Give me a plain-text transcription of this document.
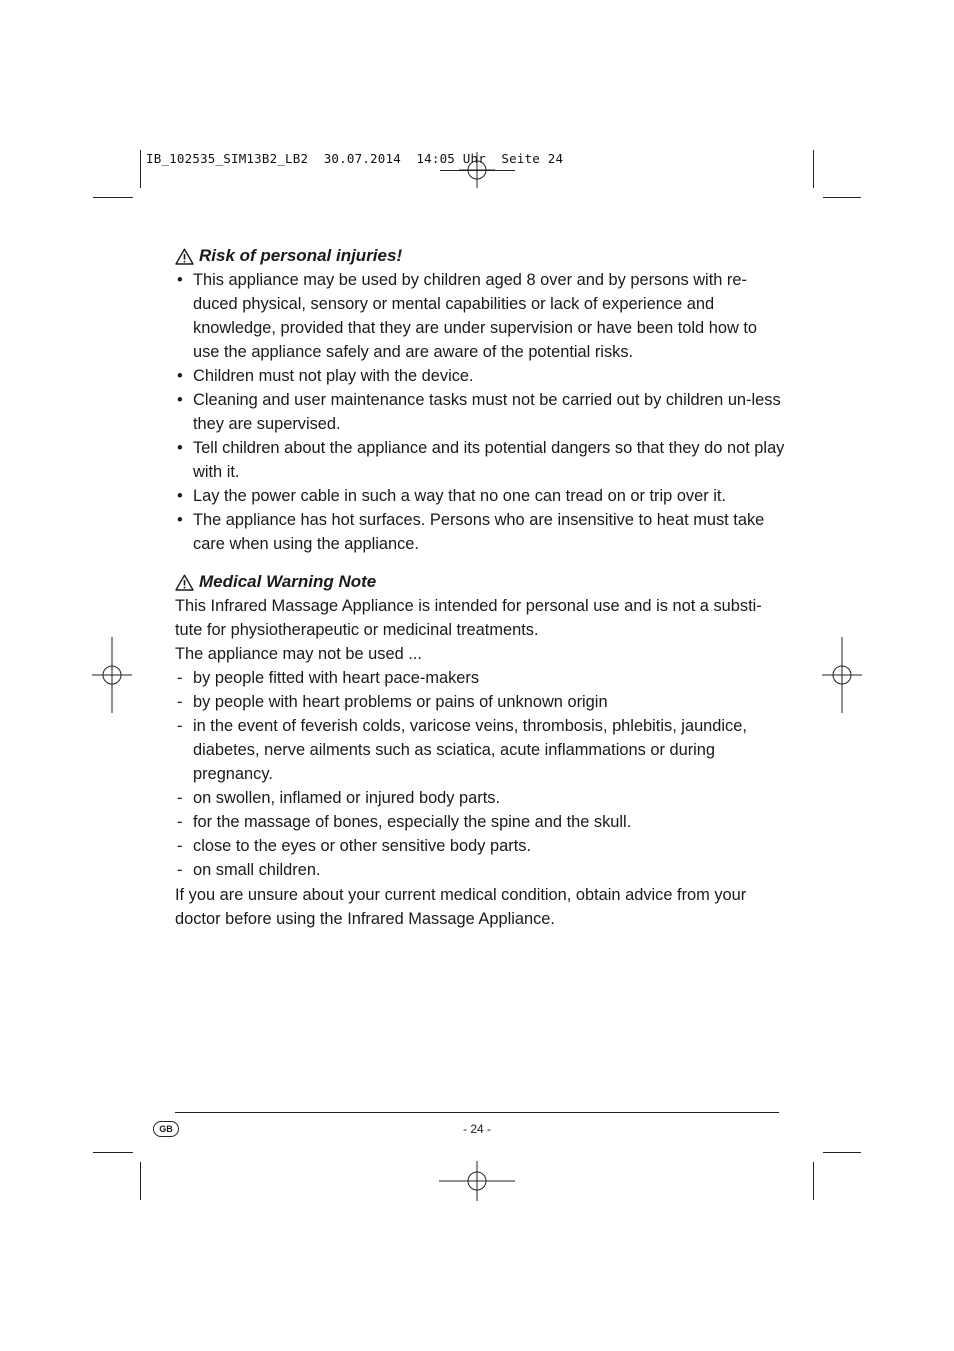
IB_102535_SIM13B2_LB2  30.07.2014  14:05 Uhr  Seite 24
Risk of personal injuries!
• This appliance may be used by children aged 8 over and by persons with re-duced physical, sensory or mental capabilities or lack of experience and knowledge, provided that they are under supervision or have been told how to use the appliance safely and are aware of the potential risks.
• Children must not play with the device.
• Cleaning and user maintenance tasks must not be carried out by children un-less they are supervised.
• Tell children about the appliance and its potential dangers so that they do not play with it.
• Lay the power cable in such a way that no one can tread on or trip over it.
• The appliance has hot surfaces. Persons who are insensitive to heat must take care when using the appliance.
Medical Warning Note

This Infrared Massage Appliance is intended for personal use and is not a substi-tute for physiotherapeutic or medicinal treatments.

The appliance may not be used ...

- by people fitted with heart pace-makers
- by people with heart problems or pains of unknown origin
- in the event of feverish colds, varicose veins, thrombosis, phlebitis, jaundice, diabetes, nerve ailments such as sciatica, acute inflammations or during pregnancy.
- on swollen, inflamed or injured body parts.
- for the massage of bones, especially the spine and the skull.
- close to the eyes or other sensitive body parts.
- on small children.

If you are unsure about your current medical condition, obtain advice from your doctor before using the Infrared Massage Appliance.

GB	- 24 -
